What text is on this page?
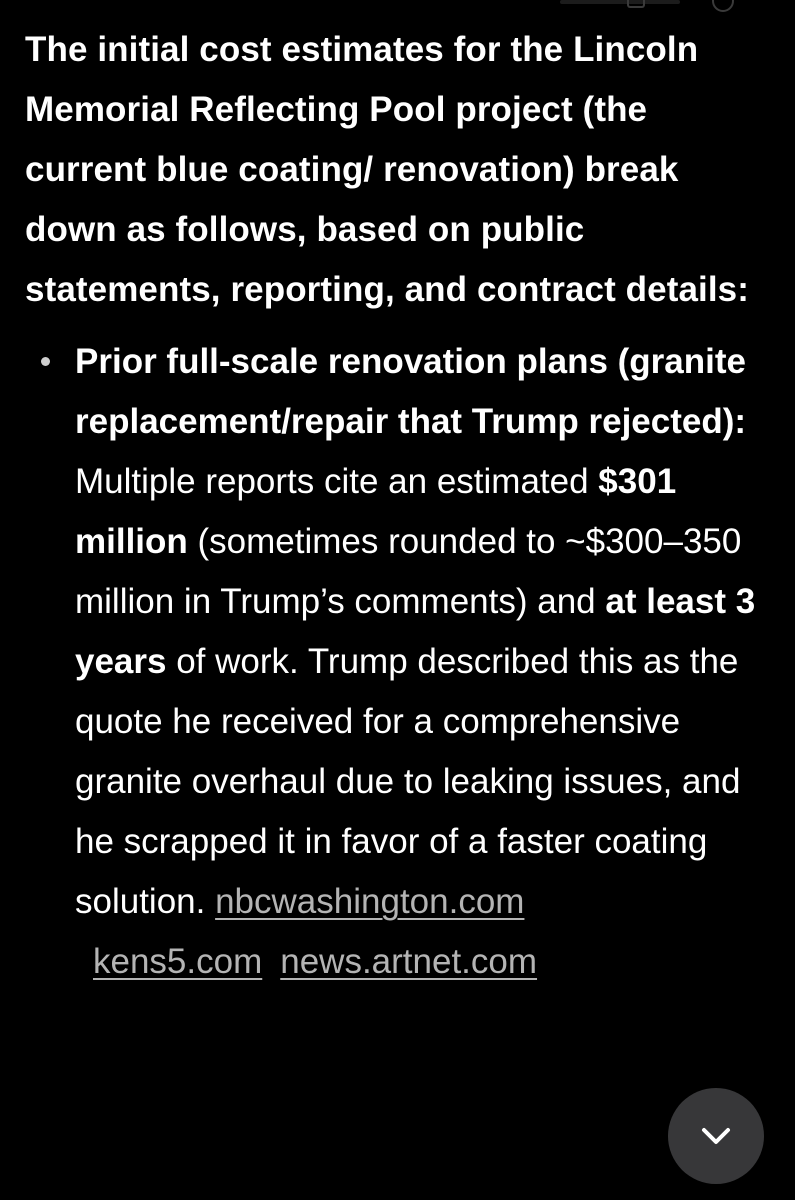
The initial cost estimates for the Lincoln Memorial Reflecting Pool project (the current blue coating/ renovation) break down as follows, based on public statements, reporting, and contract details:

Prior full-scale renovation plans (granite replacement/repair that Trump rejected): Multiple reports cite an estimated $301 million (sometimes rounded to ~$300–350 million in Trump’s comments) and at least 3 years of work. Trump described this as the quote he received for a comprehensive granite overhaul due to leaking issues, and he scrapped it in favor of a faster coating solution. nbcwashington.com kens5.com news.artnet.com
